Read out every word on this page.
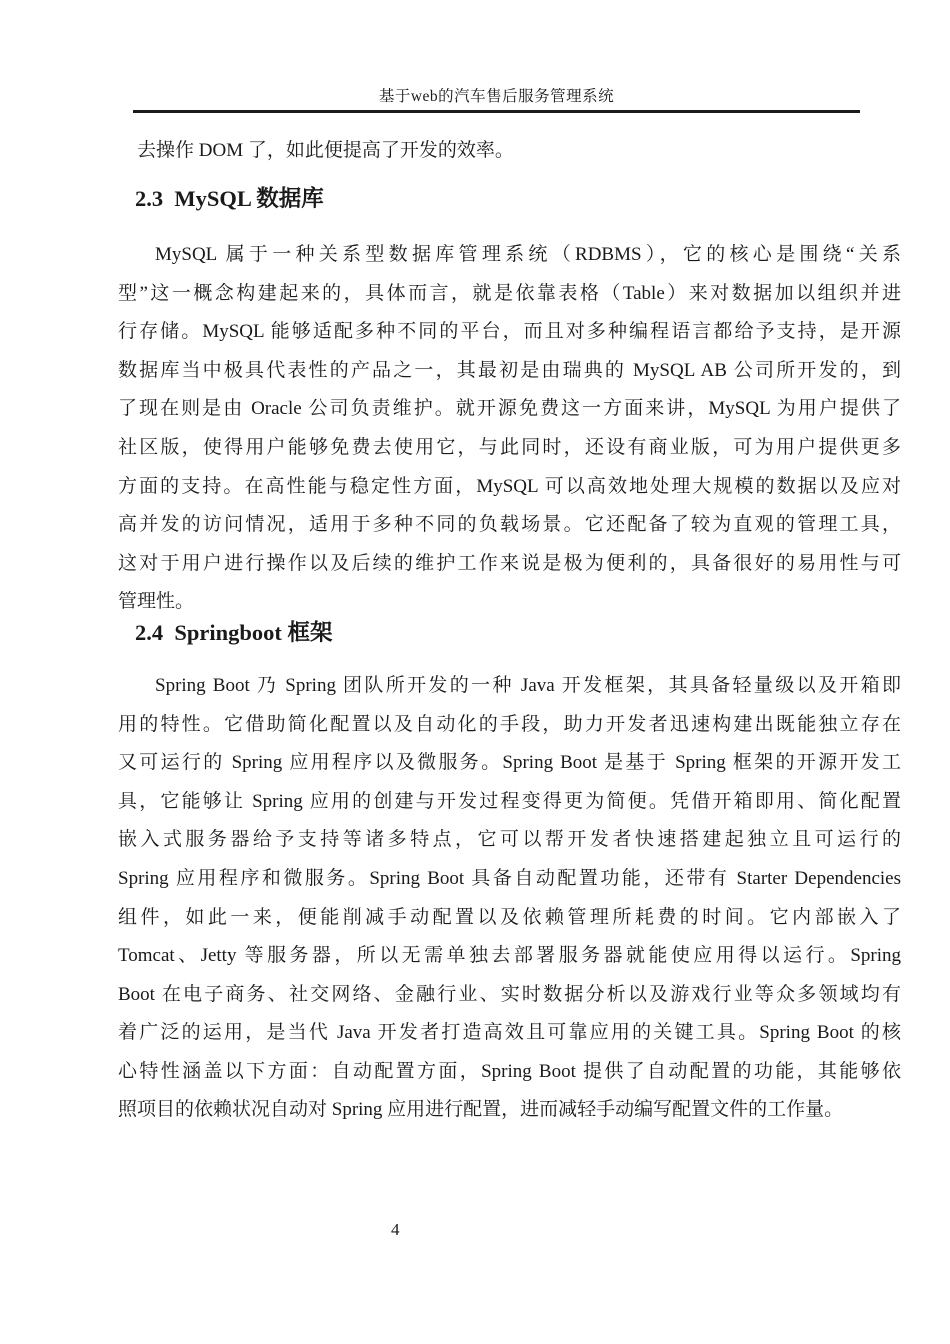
基于web的汽车售后服务管理系统

去操作 DOM 了，如此便提高了开发的效率。

2.3  MySQL 数据库
MySQL 属于一种关系型数据库管理系统（RDBMS），它的核心是围绕“关系
型”这一概念构建起来的，具体而言，就是依靠表格（Table）来对数据加以组织并进
行存储。MySQL 能够适配多种不同的平台，而且对多种编程语言都给予支持，是开源
数据库当中极具代表性的产品之一，其最初是由瑞典的 MySQL AB 公司所开发的，到
了现在则是由 Oracle 公司负责维护。就开源免费这一方面来讲，MySQL 为用户提供了
社区版，使得用户能够免费去使用它，与此同时，还设有商业版，可为用户提供更多
方面的支持。在高性能与稳定性方面，MySQL 可以高效地处理大规模的数据以及应对
高并发的访问情况，适用于多种不同的负载场景。它还配备了较为直观的管理工具，
这对于用户进行操作以及后续的维护工作来说是极为便利的，具备很好的易用性与可
管理性。
2.4  Springboot 框架
Spring Boot 乃 Spring 团队所开发的一种 Java 开发框架，其具备轻量级以及开箱即
用的特性。它借助简化配置以及自动化的手段，助力开发者迅速构建出既能独立存在
又可运行的 Spring 应用程序以及微服务。Spring Boot 是基于 Spring 框架的开源开发工
具，它能够让 Spring 应用的创建与开发过程变得更为简便。凭借开箱即用、简化配置
嵌入式服务器给予支持等诸多特点，它可以帮开发者快速搭建起独立且可运行的
Spring 应用程序和微服务。Spring Boot 具备自动配置功能，还带有 Starter Dependencies
组件，如此一来，便能削减手动配置以及依赖管理所耗费的时间。它内部嵌入了
Tomcat、Jetty 等服务器，所以无需单独去部署服务器就能使应用得以运行。Spring
Boot 在电子商务、社交网络、金融行业、实时数据分析以及游戏行业等众多领域均有
着广泛的运用，是当代 Java 开发者打造高效且可靠应用的关键工具。Spring Boot 的核
心特性涵盖以下方面：自动配置方面，Spring Boot 提供了自动配置的功能，其能够依
照项目的依赖状况自动对 Spring 应用进行配置，进而减轻手动编写配置文件的工作量。
4
